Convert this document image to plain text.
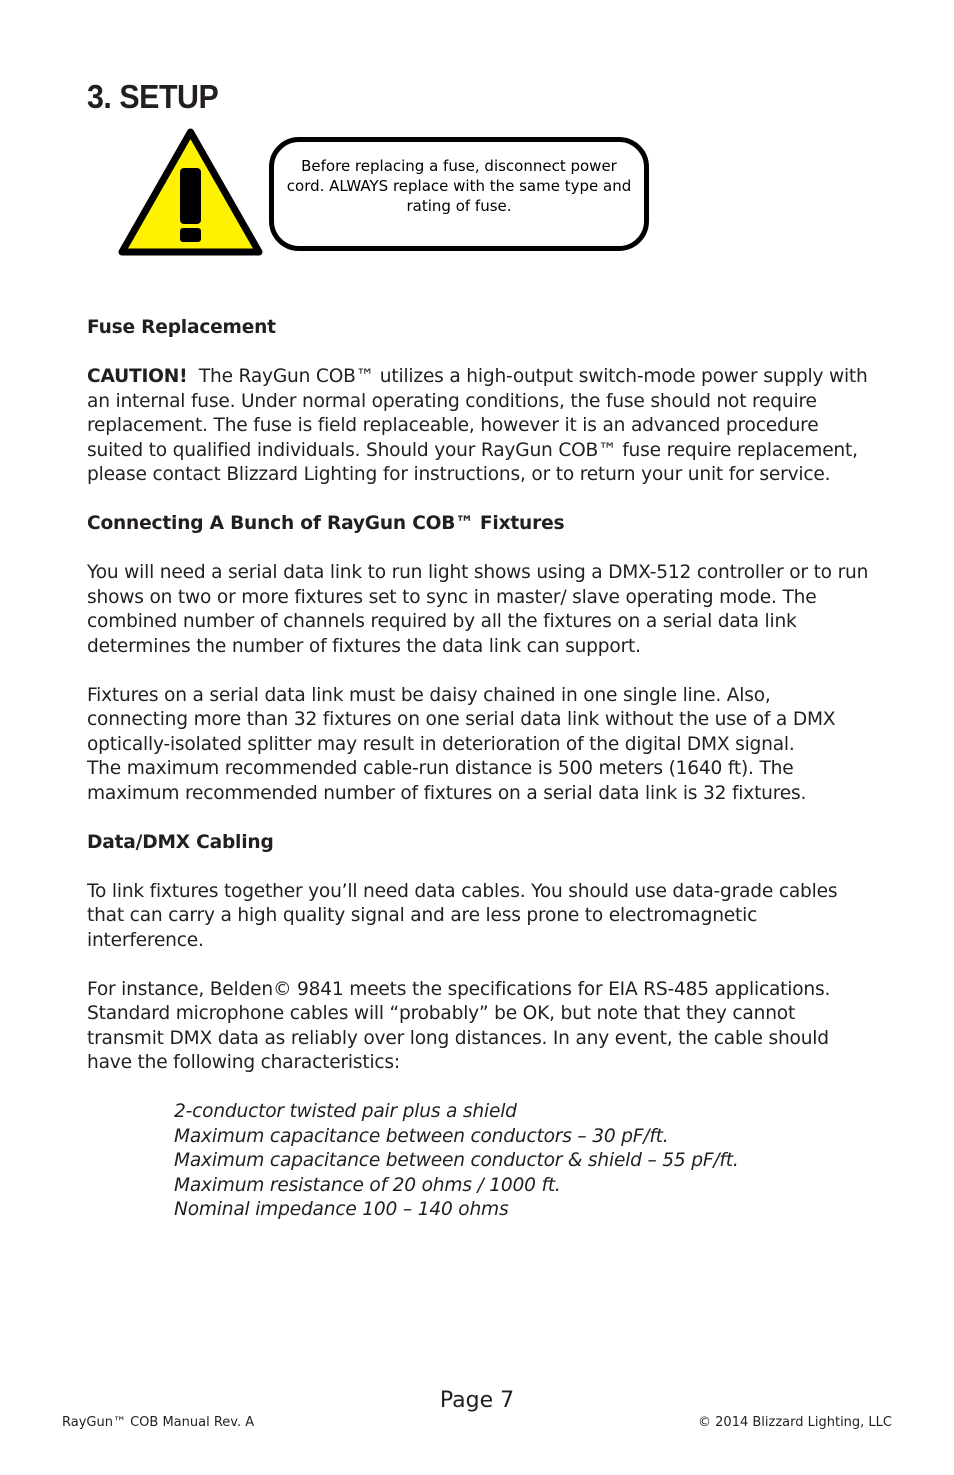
3. SETUP
Before replacing a fuse, disconnect power cord. ALWAYS replace with the same type and rating of fuse.

Fuse Replacement

CAUTION! The RayGun COB™ utilizes a high-output switch-mode power supply with an internal fuse. Under normal operating conditions, the fuse should not require replacement. The fuse is field replaceable, however it is an advanced procedure suited to qualified individuals. Should your RayGun COB™ fuse require replacement, please contact Blizzard Lighting for instructions, or to return your unit for service.

Connecting A Bunch of RayGun COB™ Fixtures

You will need a serial data link to run light shows using a DMX-512 controller or to run shows on two or more fixtures set to sync in master/ slave operating mode. The combined number of channels required by all the fixtures on a serial data link determines the number of fixtures the data link can support.

Fixtures on a serial data link must be daisy chained in one single line. Also, connecting more than 32 fixtures on one serial data link without the use of a DMX optically-isolated splitter may result in deterioration of the digital DMX signal.

The maximum recommended cable-run distance is 500 meters (1640 ft). The maximum recommended number of fixtures on a serial data link is 32 fixtures.

Data/DMX Cabling

To link fixtures together you’ll need data cables. You should use data-grade cables that can carry a high quality signal and are less prone to electromagnetic interference.

For instance, Belden© 9841 meets the specifications for EIA RS-485 applications. Standard microphone cables will “probably” be OK, but note that they cannot transmit DMX data as reliably over long distances. In any event, the cable should have the following characteristics:

2-conductor twisted pair plus a shield
Maximum capacitance between conductors – 30 pF/ft.
Maximum capacitance between conductor & shield – 55 pF/ft.
Maximum resistance of 20 ohms / 1000 ft.
Nominal impedance 100 – 140 ohms
Page 7
RayGun™ COB Manual Rev. A	© 2014 Blizzard Lighting, LLC
